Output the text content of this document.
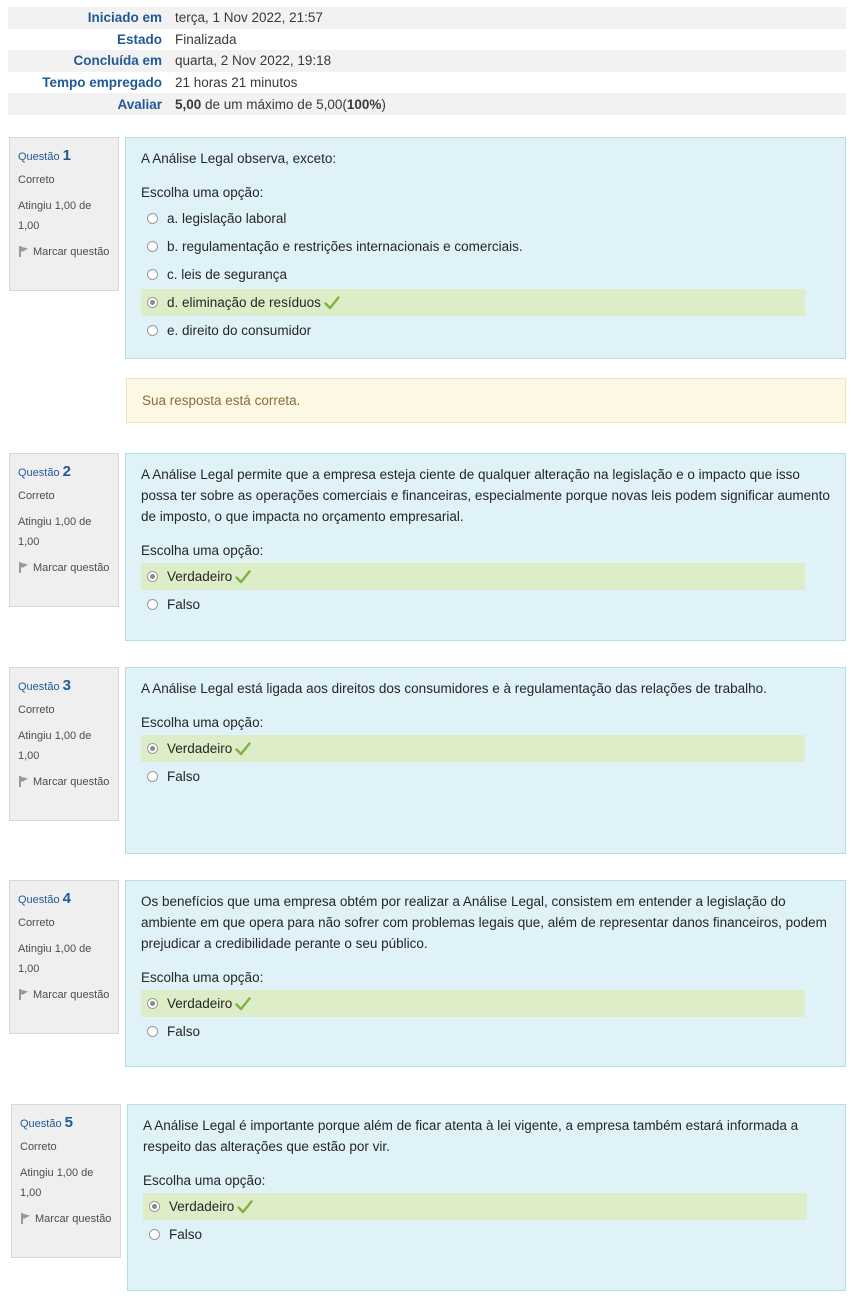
Iniciado em	terça, 1 Nov 2022, 21:57
Estado	Finalizada
Concluída em	quarta, 2 Nov 2022, 19:18
Tempo empregado	21 horas 21 minutos
Avaliar	5,00 de um máximo de 5,00(100%)
Questão 1
Correto
Atingiu 1,00 de 1,00
Marcar questão
A Análise Legal observa, exceto:
Escolha uma opção:
a. legislação laboral
b. regulamentação e restrições internacionais e comerciais.
c. leis de segurança
d. eliminação de resíduos
e. direito do consumidor
Sua resposta está correta.
Questão 2
Correto
Atingiu 1,00 de 1,00
Marcar questão
A Análise Legal permite que a empresa esteja ciente de qualquer alteração na legislação e o impacto que isso possa ter sobre as operações comerciais e financeiras, especialmente porque novas leis podem significar aumento de imposto, o que impacta no orçamento empresarial.
Escolha uma opção:
Verdadeiro
Falso
Questão 3
Correto
Atingiu 1,00 de 1,00
Marcar questão
A Análise Legal está ligada aos direitos dos consumidores e à regulamentação das relações de trabalho.
Escolha uma opção:
Verdadeiro
Falso
Questão 4
Correto
Atingiu 1,00 de 1,00
Marcar questão
Os benefícios que uma empresa obtém por realizar a Análise Legal, consistem em entender a legislação do ambiente em que opera para não sofrer com problemas legais que, além de representar danos financeiros, podem prejudicar a credibilidade perante o seu público.
Escolha uma opção:
Verdadeiro
Falso
Questão 5
Correto
Atingiu 1,00 de 1,00
Marcar questão
A Análise Legal é importante porque além de ficar atenta à lei vigente, a empresa também estará informada a respeito das alterações que estão por vir.
Escolha uma opção:
Verdadeiro
Falso
